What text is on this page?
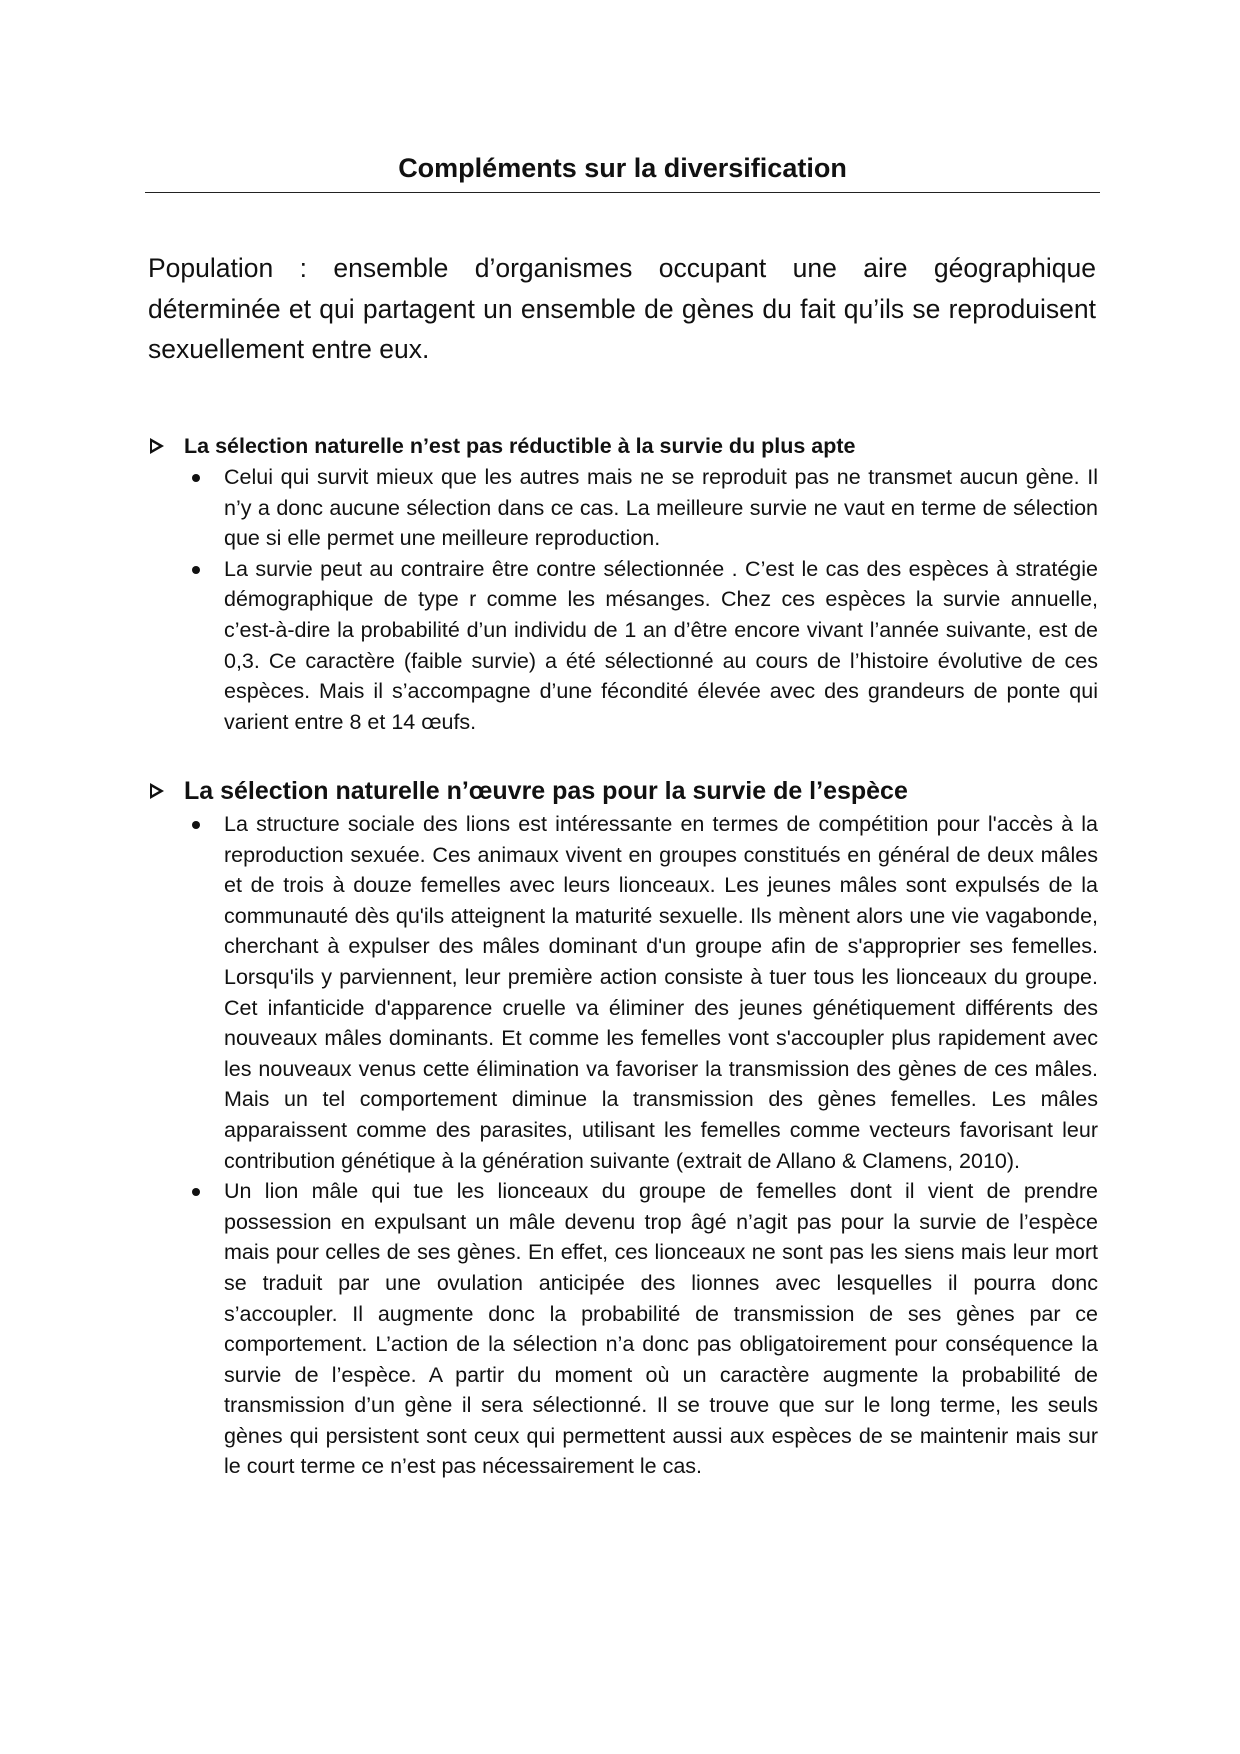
Compléments sur la diversification

Population : ensemble d’organismes occupant une aire géographique déterminée et qui partagent un ensemble de gènes du fait qu’ils se reproduisent sexuellement entre eux.

La sélection naturelle n’est pas réductible à la survie du plus apte
Celui qui survit mieux que les autres mais ne se reproduit pas ne transmet aucun gène. Il n’y a donc aucune sélection dans ce cas. La meilleure survie ne vaut en terme de sélection que si elle permet une meilleure reproduction.
La survie peut au contraire être contre sélectionnée . C’est le cas des espèces à stratégie démographique de type r comme les mésanges. Chez ces espèces la survie annuelle, c’est-à-dire la probabilité d’un individu de 1 an d’être encore vivant l’année suivante, est de 0,3. Ce caractère (faible survie) a été sélectionné au cours de l’histoire évolutive de ces espèces. Mais il s’accompagne d’une fécondité élevée avec des grandeurs de ponte qui varient entre 8 et 14 œufs.
La sélection naturelle n’œuvre pas pour la survie de l’espèce
La structure sociale des lions est intéressante en termes de compétition pour l'accès à la reproduction sexuée. Ces animaux vivent en groupes constitués en général de deux mâles et de trois à douze femelles avec leurs lionceaux. Les jeunes mâles sont expulsés de la communauté dès qu'ils atteignent la maturité sexuelle. Ils mènent alors une vie vagabonde, cherchant à expulser des mâles dominant d'un groupe afin de s'approprier ses femelles. Lorsqu'ils y parviennent, leur première action consiste à tuer tous les lionceaux du groupe. Cet infanticide d'apparence cruelle va éliminer des jeunes génétiquement différents des nouveaux mâles dominants. Et comme les femelles vont s'accoupler plus rapidement avec les nouveaux venus cette élimination va favoriser la transmission des gènes de ces mâles. Mais un tel comportement diminue la transmission des gènes femelles. Les mâles apparaissent comme des parasites, utilisant les femelles comme vecteurs favorisant leur contribution génétique à la génération suivante (extrait de Allano & Clamens, 2010).
Un lion mâle qui tue les lionceaux du groupe de femelles dont il vient de prendre possession en expulsant un mâle devenu trop âgé n’agit pas pour la survie de l’espèce mais pour celles de ses gènes. En effet, ces lionceaux ne sont pas les siens mais leur mort se traduit par une ovulation anticipée des lionnes avec lesquelles il pourra donc s’accoupler. Il augmente donc la probabilité de transmission de ses gènes par ce comportement. L’action de la sélection n’a donc pas obligatoirement pour conséquence la survie de l’espèce. A partir du moment où un caractère augmente la probabilité de transmission d’un gène il sera sélectionné. Il se trouve que sur le long terme, les seuls gènes qui persistent sont ceux qui permettent aussi aux espèces de se maintenir mais sur le court terme ce n’est pas nécessairement le cas.
